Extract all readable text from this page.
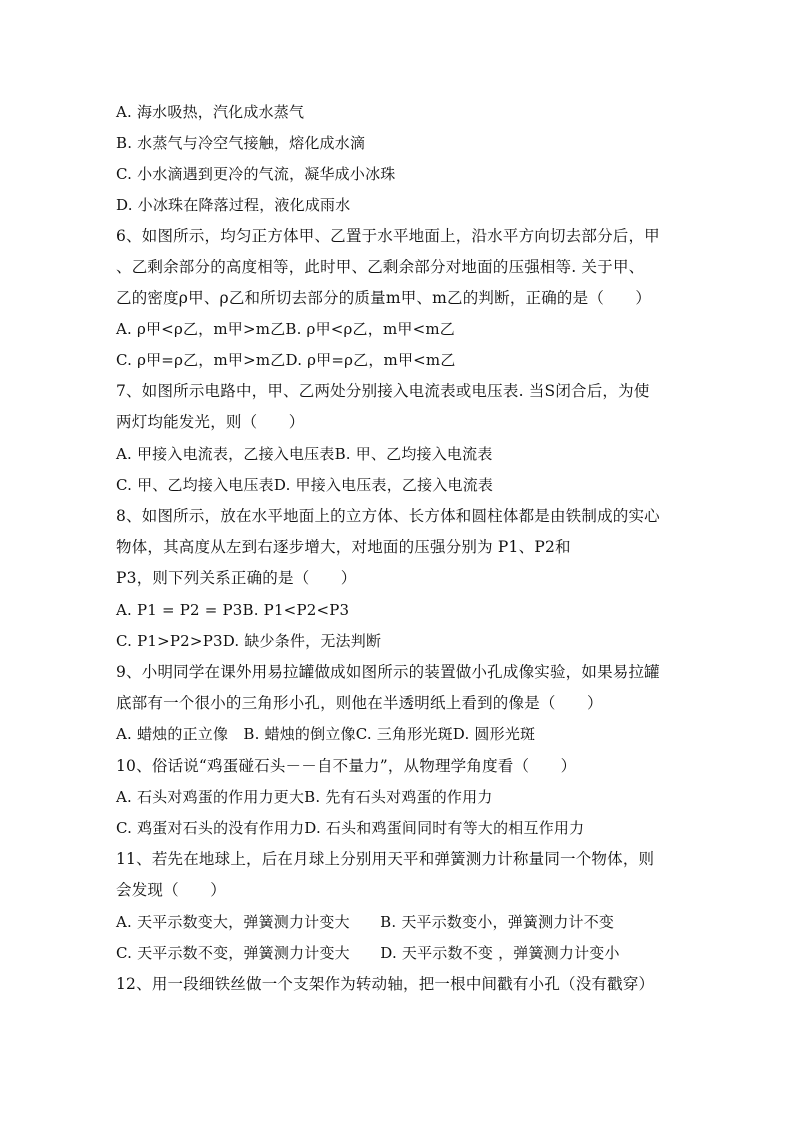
A. 海水吸热，汽化成水蒸气
B. 水蒸气与冷空气接触，熔化成水滴
C. 小水滴遇到更冷的气流，凝华成小冰珠
D. 小冰珠在降落过程，液化成雨水
6、如图所示，均匀正方体甲、乙置于水平地面上，沿水平方向切去部分后，甲
、乙剩余部分的高度相等，此时甲、乙剩余部分对地面的压强相等. 关于甲、
乙的密度ρ甲、ρ乙和所切去部分的质量m甲、m乙的判断，正确的是（　　）
A. ρ甲<ρ乙，m甲>m乙B. ρ甲<ρ乙，m甲<m乙
C. ρ甲=ρ乙，m甲>m乙D. ρ甲=ρ乙，m甲<m乙
7、如图所示电路中，甲、乙两处分别接入电流表或电压表. 当S闭合后，为使
两灯均能发光，则（　　）
A. 甲接入电流表，乙接入电压表B. 甲、乙均接入电流表
C. 甲、乙均接入电压表D. 甲接入电压表，乙接入电流表
8、如图所示，放在水平地面上的立方体、长方体和圆柱体都是由铁制成的实心
物体，其高度从左到右逐步增大，对地面的压强分别为 P1、P2和
P3，则下列关系正确的是（　　）
A. P1 = P2 = P3B. P1<P2<P3
C. P1>P2>P3D. 缺少条件，无法判断
9、小明同学在课外用易拉罐做成如图所示的装置做小孔成像实验，如果易拉罐
底部有一个很小的三角形小孔，则他在半透明纸上看到的像是（　　）
A. 蜡烛的正立像　B. 蜡烛的倒立像C. 三角形光斑D. 圆形光斑
10、俗话说“鸡蛋碰石头－－自不量力”，从物理学角度看（　　）
A. 石头对鸡蛋的作用力更大B. 先有石头对鸡蛋的作用力
C. 鸡蛋对石头的没有作用力D. 石头和鸡蛋间同时有等大的相互作用力
11、若先在地球上，后在月球上分别用天平和弹簧测力计称量同一个物体，则
会发现（　　）
A. 天平示数变大，弹簧测力计变大　　B. 天平示数变小，弹簧测力计不变
C. 天平示数不变，弹簧测力计变大　　D. 天平示数不变 ，弹簧测力计变小
12、用一段细铁丝做一个支架作为转动轴，把一根中间戳有小孔（没有戳穿）
